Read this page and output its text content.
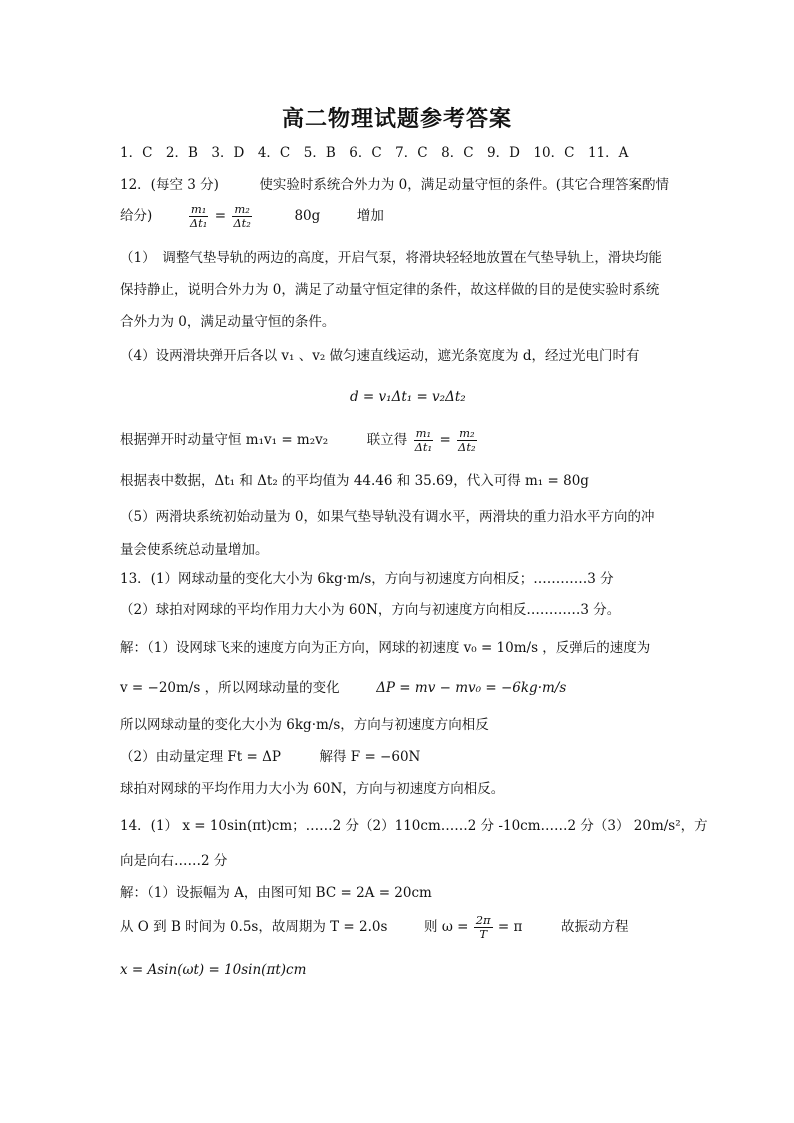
高二物理试题参考答案
1．C　2．B　3．D　4．C　5．B　6．C　7．C　8．C　9．D　10．C　11．A
12．(每空 3 分)　　　使实验时系统合外力为 0，满足动量守恒的条件。(其它合理答案酌情
给分)	$\frac{\text{m₁}}{\text{Δt₁}} = \frac{\text{m₂}}{\text{Δt₂}}$	80g	增加
（1）　调整气垫导轨的两边的高度，开启气泵，将滑块轻轻地放置在气垫导轨上，滑块均能
保持静止，说明合外力为 0，满足了动量守恒定律的条件，故这样做的目的是使实验时系统
合外力为 0，满足动量守恒的条件。
（4）设两滑块弹开后各以 v₁ 、v₂ 做匀速直线运动，遮光条宽度为 d，经过光电门时有
d = v₁Δt₁ = v₂Δt₂
根据弹开时动量守恒 m₁v₁ = m₂v₂	联立得 $\frac{\text{m₁}}{\text{Δt₁}} = \frac{\text{m₂}}{\text{Δt₂}}$
根据表中数据，Δt₁ 和 Δt₂ 的平均值为 44.46 和 35.69，代入可得 m₁ = 80g
（5）两滑块系统初始动量为 0，如果气垫导轨没有调水平，两滑块的重力沿水平方向的冲
量会使系统总动量增加。
13．(1）网球动量的变化大小为 6kg·m/s，方向与初速度方向相反；…………3 分
（2）球拍对网球的平均作用力大小为 60N，方向与初速度方向相反…………3 分。
解：（1）设网球飞来的速度方向为正方向，网球的初速度 v₀ = 10m/s ，反弹后的速度为
v = −20m/s ，所以网球动量的变化	ΔP = mv − mv₀ = −6kg·m/s
所以网球动量的变化大小为 6kg·m/s，方向与初速度方向相反
（2）由动量定理 Ft = ΔP	解得 F = −60N
球拍对网球的平均作用力大小为 60N，方向与初速度方向相反。
14．(1） x = 10sin(πt)cm；……2 分（2）110cm……2 分 -10cm……2 分（3） 20m/s²，方
向是向右……2 分
解：（1）设振幅为 A，由图可知 BC = 2A = 20cm
从 O 到 B 时间为 0.5s，故周期为 T = 2.0s	则 $\omega = \frac{2\pi}{T} = \pi$	故振动方程
x = Asin(ωt) = 10sin(πt)cm
